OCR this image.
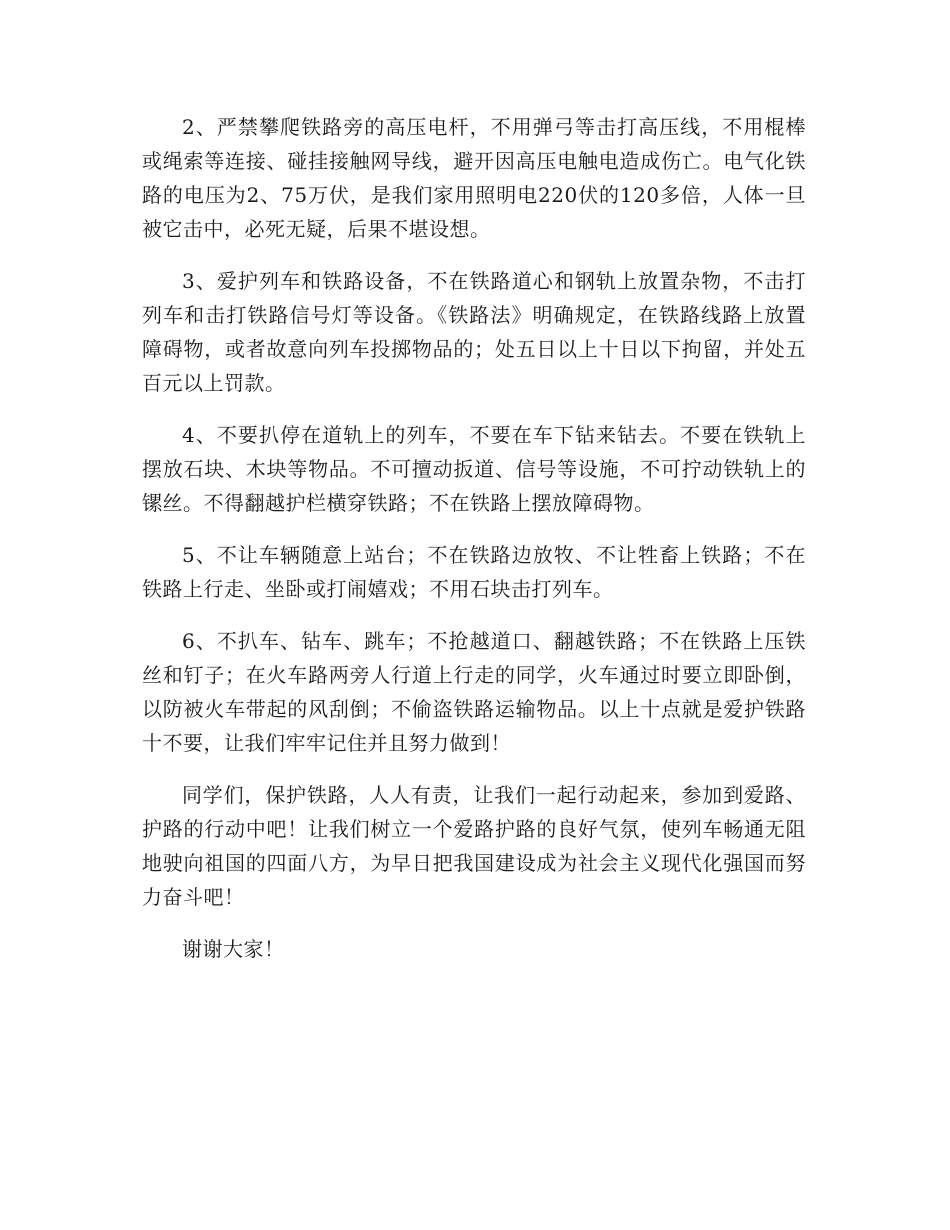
2、严禁攀爬铁路旁的高压电杆，不用弹弓等击打高压线，不用棍棒或绳索等连接、碰挂接触网导线，避开因高压电触电造成伤亡。电气化铁路的电压为2、75万伏，是我们家用照明电220伏的120多倍，人体一旦被它击中，必死无疑，后果不堪设想。

3、爱护列车和铁路设备，不在铁路道心和钢轨上放置杂物，不击打列车和击打铁路信号灯等设备。《铁路法》明确规定，在铁路线路上放置障碍物，或者故意向列车投掷物品的；处五日以上十日以下拘留，并处五百元以上罚款。

4、不要扒停在道轨上的列车，不要在车下钻来钻去。不要在铁轨上摆放石块、木块等物品。不可擅动扳道、信号等设施，不可拧动铁轨上的镙丝。不得翻越护栏横穿铁路；不在铁路上摆放障碍物。

5、不让车辆随意上站台；不在铁路边放牧、不让牲畜上铁路；不在铁路上行走、坐卧或打闹嬉戏；不用石块击打列车。

6、不扒车、钻车、跳车；不抢越道口、翻越铁路；不在铁路上压铁丝和钉子；在火车路两旁人行道上行走的同学，火车通过时要立即卧倒，以防被火车带起的风刮倒；不偷盗铁路运输物品。以上十点就是爱护铁路十不要，让我们牢牢记住并且努力做到！

同学们，保护铁路，人人有责，让我们一起行动起来，参加到爱路、护路的行动中吧！让我们树立一个爱路护路的良好气氛，使列车畅通无阻地驶向祖国的四面八方，为早日把我国建设成为社会主义现代化强国而努力奋斗吧！

谢谢大家！
